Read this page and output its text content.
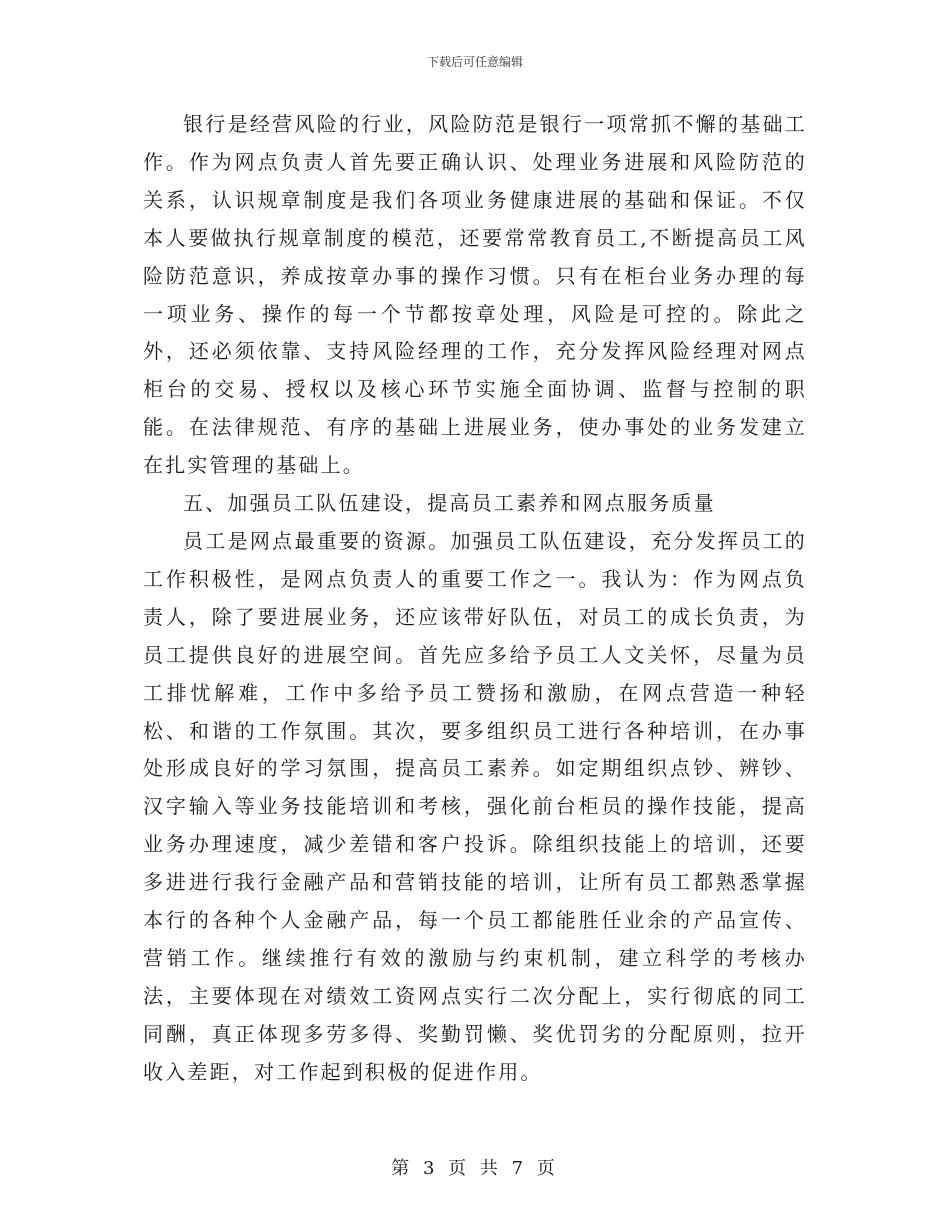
下载后可任意编辑

银行是经营风险的行业，风险防范是银行一项常抓不懈的基础工作。作为网点负责人首先要正确认识、处理业务进展和风险防范的关系，认识规章制度是我们各项业务健康进展的基础和保证。不仅本人要做执行规章制度的模范，还要常常教育员工,不断提高员工风险防范意识，养成按章办事的操作习惯。只有在柜台业务办理的每一项业务、操作的每一个节都按章处理，风险是可控的。除此之外，还必须依靠、支持风险经理的工作，充分发挥风险经理对网点柜台的交易、授权以及核心环节实施全面协调、监督与控制的职能。在法律规范、有序的基础上进展业务，使办事处的业务发建立在扎实管理的基础上。

五、加强员工队伍建设，提高员工素养和网点服务质量

员工是网点最重要的资源。加强员工队伍建设，充分发挥员工的工作积极性，是网点负责人的重要工作之一。我认为：作为网点负责人，除了要进展业务，还应该带好队伍，对员工的成长负责，为员工提供良好的进展空间。首先应多给予员工人文关怀，尽量为员工排忧解难，工作中多给予员工赞扬和激励，在网点营造一种轻松、和谐的工作氛围。其次，要多组织员工进行各种培训，在办事处形成良好的学习氛围，提高员工素养。如定期组织点钞、辨钞、汉字输入等业务技能培训和考核，强化前台柜员的操作技能，提高业务办理速度，减少差错和客户投诉。除组织技能上的培训，还要多进进行我行金融产品和营销技能的培训，让所有员工都熟悉掌握本行的各种个人金融产品，每一个员工都能胜任业余的产品宣传、营销工作。继续推行有效的激励与约束机制，建立科学的考核办法，主要体现在对绩效工资网点实行二次分配上，实行彻底的同工同酬，真正体现多劳多得、奖勤罚懒、奖优罚劣的分配原则，拉开收入差距，对工作起到积极的促进作用。

第 3 页 共 7 页
